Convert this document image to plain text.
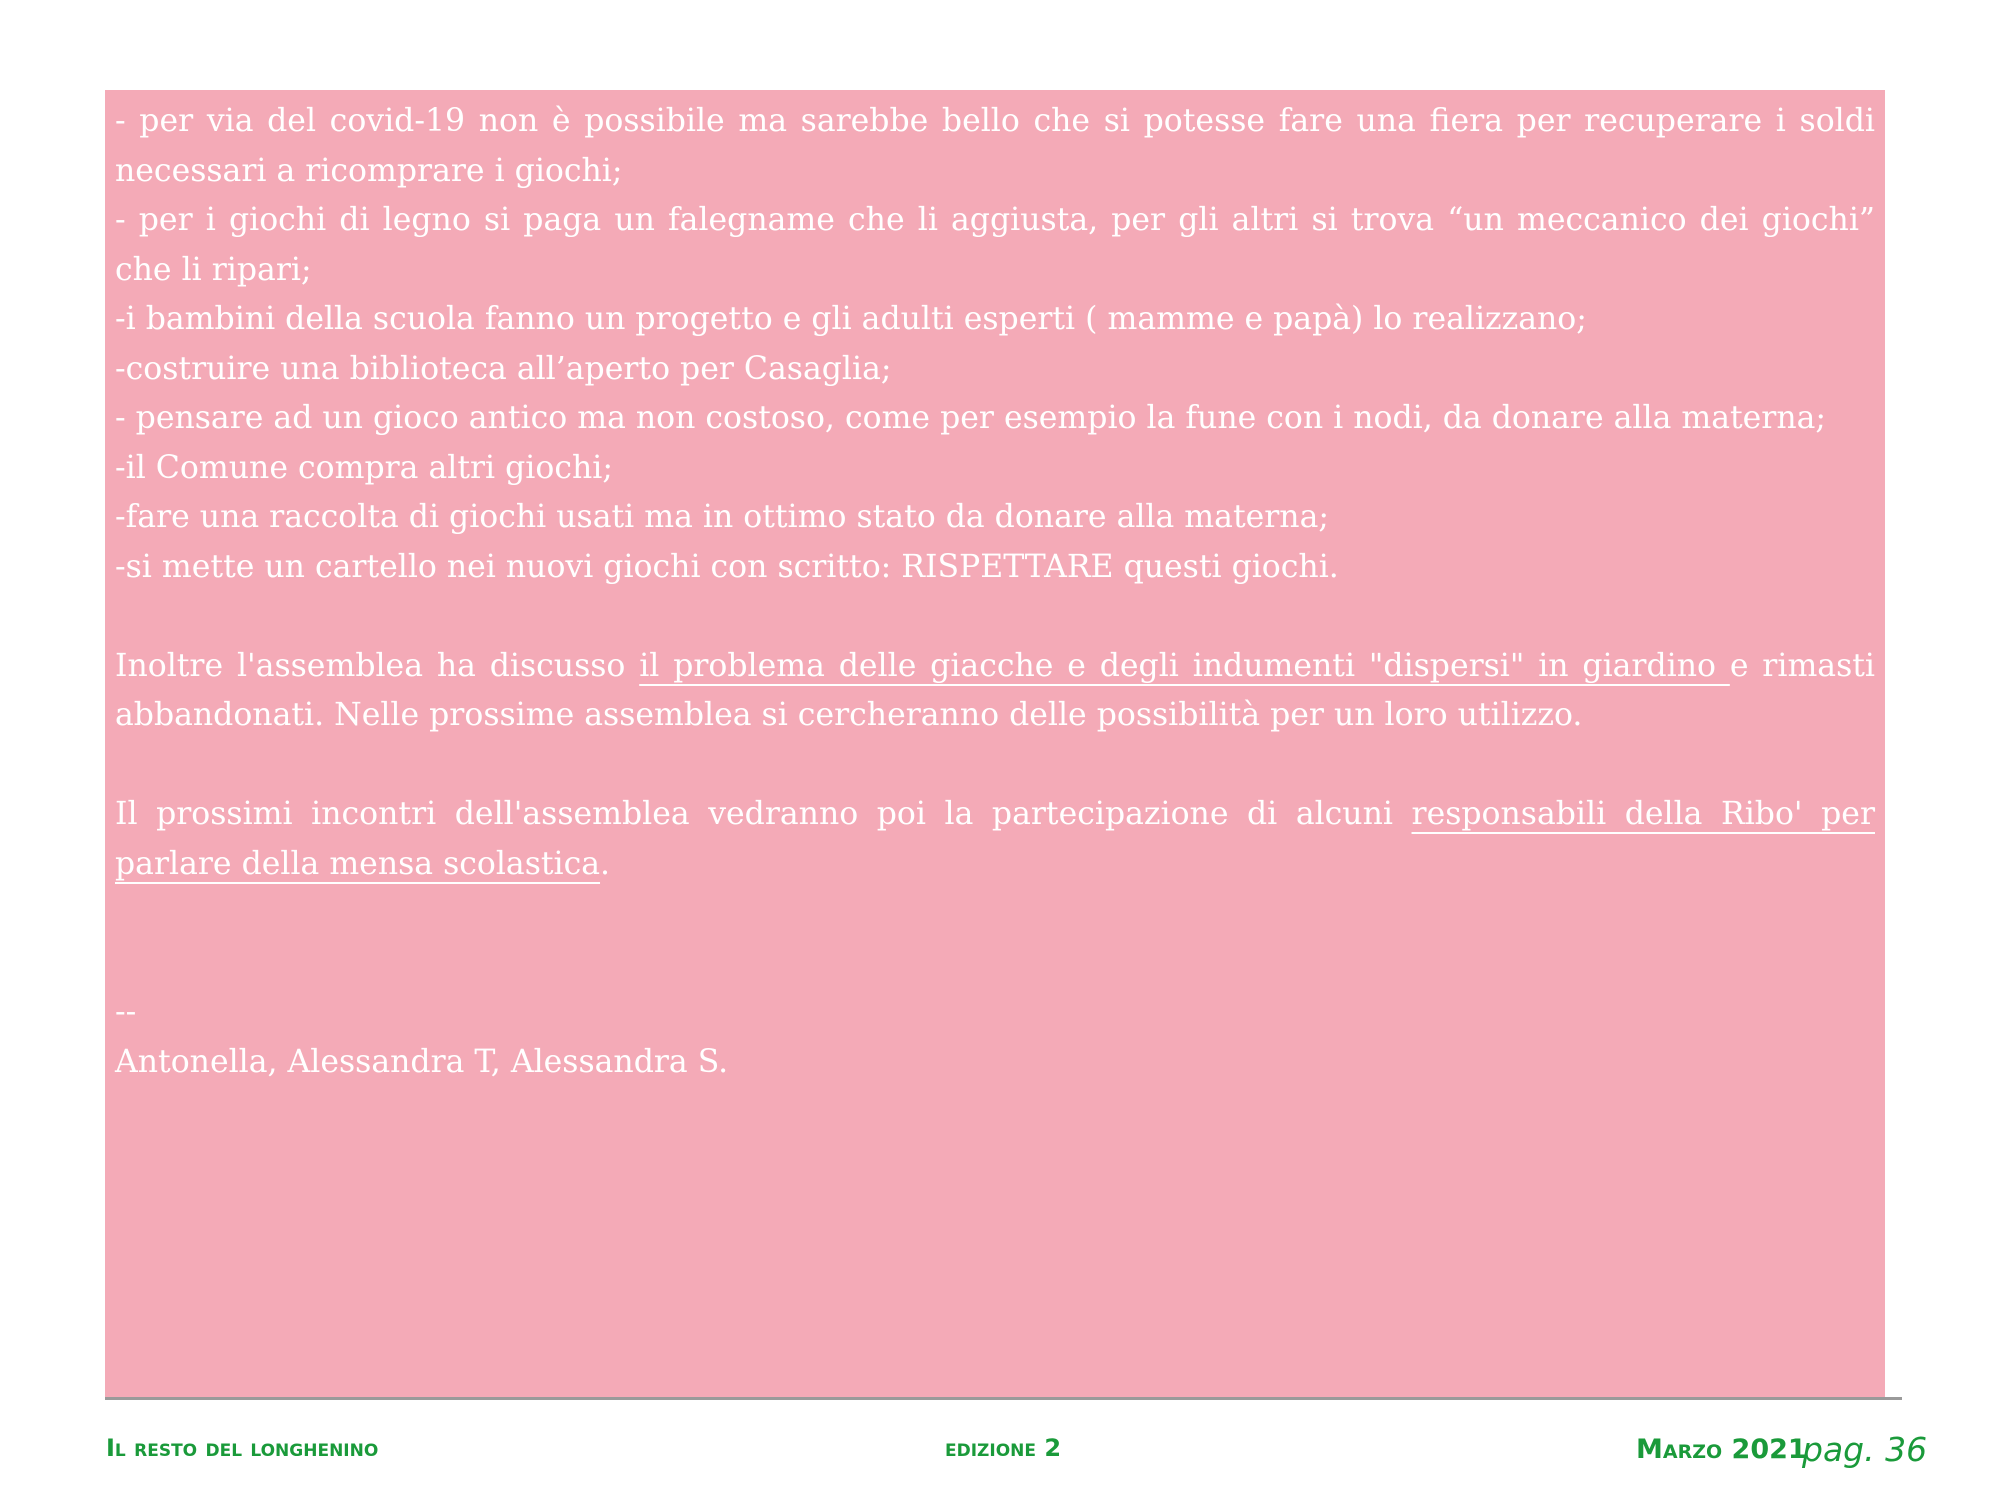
- per via del covid-19 non è possibile ma sarebbe bello che si potesse fare una fiera per recuperare i soldi necessari a ricomprare i giochi;

- per i giochi di legno si paga un falegname che li aggiusta, per gli altri si trova “un meccanico dei giochi” che li ripari;

-i bambini della scuola fanno un progetto e gli adulti esperti ( mamme e papà) lo realizzano;

-costruire una biblioteca all’aperto per Casaglia;

- pensare ad un gioco antico ma non costoso, come per esempio la fune con i nodi, da donare alla materna;

-il Comune compra altri giochi;

-fare una raccolta di giochi usati ma in ottimo stato da donare alla materna;

-si mette un cartello nei nuovi giochi con scritto: RISPETTARE questi giochi.

Inoltre l'assemblea ha discusso il problema delle giacche e degli indumenti "dispersi" in giardino e rimasti abbandonati. Nelle prossime assemblea si cercheranno delle possibilità per un loro utilizzo.

Il prossimi incontri dell'assemblea vedranno poi la partecipazione di alcuni responsabili della Ribo' per parlare della mensa scolastica.

--

Antonella, Alessandra T, Alessandra S.

Il resto del longhenino	edizione 2	Marzo 2021
pag. 36
